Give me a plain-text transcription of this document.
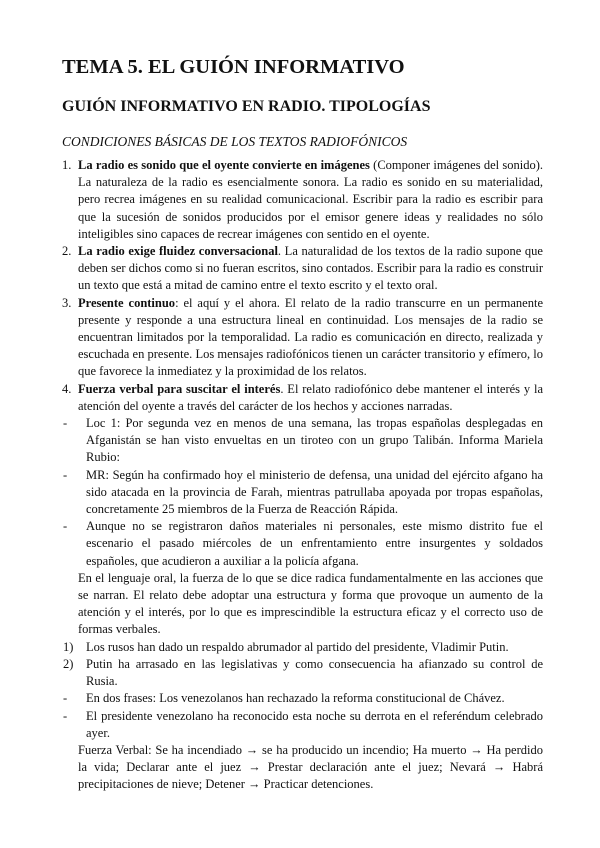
TEMA 5. EL GUIÓN INFORMATIVO
GUIÓN INFORMATIVO EN RADIO. TIPOLOGÍAS
CONDICIONES BÁSICAS DE LOS TEXTOS RADIOFÓNICOS
1. La radio es sonido que el oyente convierte en imágenes (Componer imágenes del sonido). La naturaleza de la radio es esencialmente sonora. La radio es sonido en su materialidad, pero recrea imágenes en su realidad comunicacional. Escribir para la radio es escribir para que la sucesión de sonidos producidos por el emisor genere ideas y realidades no sólo inteligibles sino capaces de recrear imágenes con sentido en el oyente.
2. La radio exige fluidez conversacional. La naturalidad de los textos de la radio supone que deben ser dichos como si no fueran escritos, sino contados. Escribir para la radio es construir un texto que está a mitad de camino entre el texto escrito y el texto oral.
3. Presente continuo: el aquí y el ahora. El relato de la radio transcurre en un permanente presente y responde a una estructura lineal en continuidad. Los mensajes de la radio se encuentran limitados por la temporalidad. La radio es comunicación en directo, realizada y escuchada en presente. Los mensajes radiofónicos tienen un carácter transitorio y efímero, lo que favorece la inmediatez y la proximidad de los relatos.
4. Fuerza verbal para suscitar el interés. El relato radiofónico debe mantener el interés y la atención del oyente a través del carácter de los hechos y acciones narradas.
- Loc 1: Por segunda vez en menos de una semana, las tropas españolas desplegadas en Afganistán se han visto envueltas en un tiroteo con un grupo Talibán. Informa Mariela Rubio:
- MR: Según ha confirmado hoy el ministerio de defensa, una unidad del ejército afgano ha sido atacada en la provincia de Farah, mientras patrullaba apoyada por tropas españolas, concretamente 25 miembros de la Fuerza de Reacción Rápida.
- Aunque no se registraron daños materiales ni personales, este mismo distrito fue el escenario el pasado miércoles de un enfrentamiento entre insurgentes y soldados españoles, que acudieron a auxiliar a la policía afgana.
En el lenguaje oral, la fuerza de lo que se dice radica fundamentalmente en las acciones que se narran. El relato debe adoptar una estructura y forma que provoque un aumento de la atención y el interés, por lo que es imprescindible la estructura eficaz y el correcto uso de formas verbales.
1) Los rusos han dado un respaldo abrumador al partido del presidente, Vladimir Putin.
2) Putin ha arrasado en las legislativas y como consecuencia ha afianzado su control de Rusia.
- En dos frases: Los venezolanos han rechazado la reforma constitucional de Chávez.
- El presidente venezolano ha reconocido esta noche su derrota en el referéndum celebrado ayer.
Fuerza Verbal: Se ha incendiado → se ha producido un incendio; Ha muerto → Ha perdido la vida; Declarar ante el juez → Prestar declaración ante el juez; Nevará → Habrá precipitaciones de nieve; Detener → Practicar detenciones.
